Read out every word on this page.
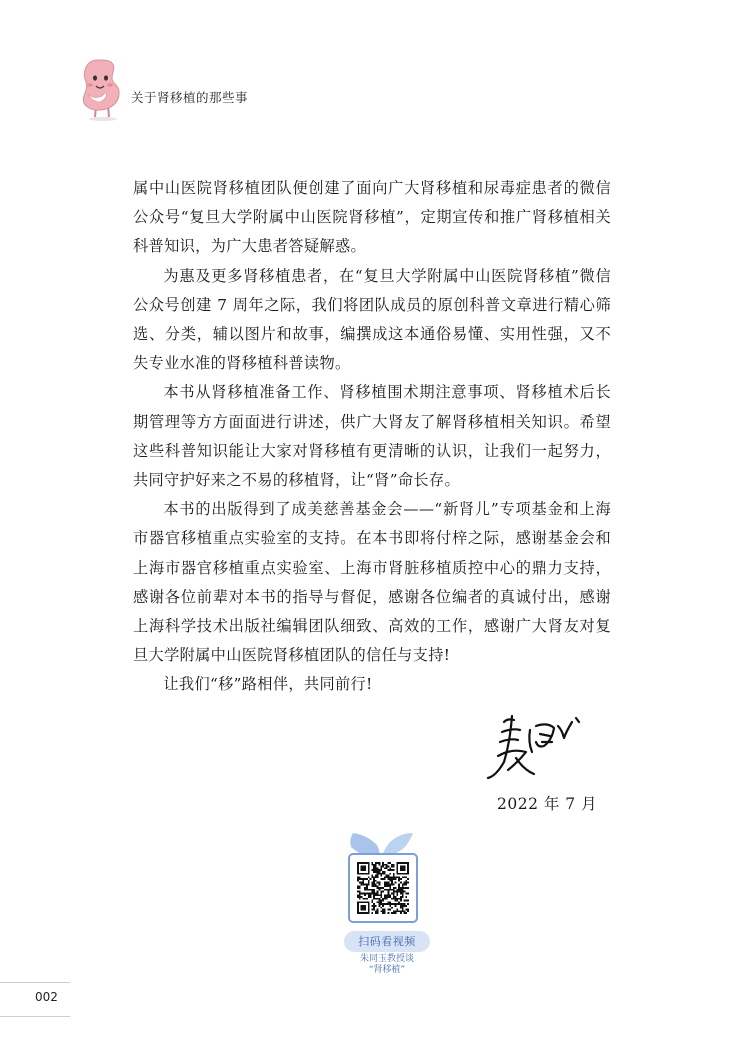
关于肾移植的那些事

属中山医院肾移植团队便创建了面向广大肾移植和尿毒症患者的微信公众号“复旦大学附属中山医院肾移植”，定期宣传和推广肾移植相关科普知识，为广大患者答疑解惑。

为惠及更多肾移植患者，在“复旦大学附属中山医院肾移植”微信公众号创建 7 周年之际，我们将团队成员的原创科普文章进行精心筛选、分类，辅以图片和故事，编撰成这本通俗易懂、实用性强，又不失专业水准的肾移植科普读物。

本书从肾移植准备工作、肾移植围术期注意事项、肾移植术后长期管理等方方面面进行讲述，供广大肾友了解肾移植相关知识。希望这些科普知识能让大家对肾移植有更清晰的认识，让我们一起努力，共同守护好来之不易的移植肾，让“肾”命长存。

本书的出版得到了成美慈善基金会——“新肾儿”专项基金和上海市器官移植重点实验室的支持。在本书即将付梓之际，感谢基金会和上海市器官移植重点实验室、上海市肾脏移植质控中心的鼎力支持，感谢各位前辈对本书的指导与督促，感谢各位编者的真诚付出，感谢上海科学技术出版社编辑团队细致、高效的工作，感谢广大肾友对复旦大学附属中山医院肾移植团队的信任与支持!

让我们“移”路相伴，共同前行!

2022 年 7 月
扫码看视频
朱同玉教授谈
“肾移植”
002
